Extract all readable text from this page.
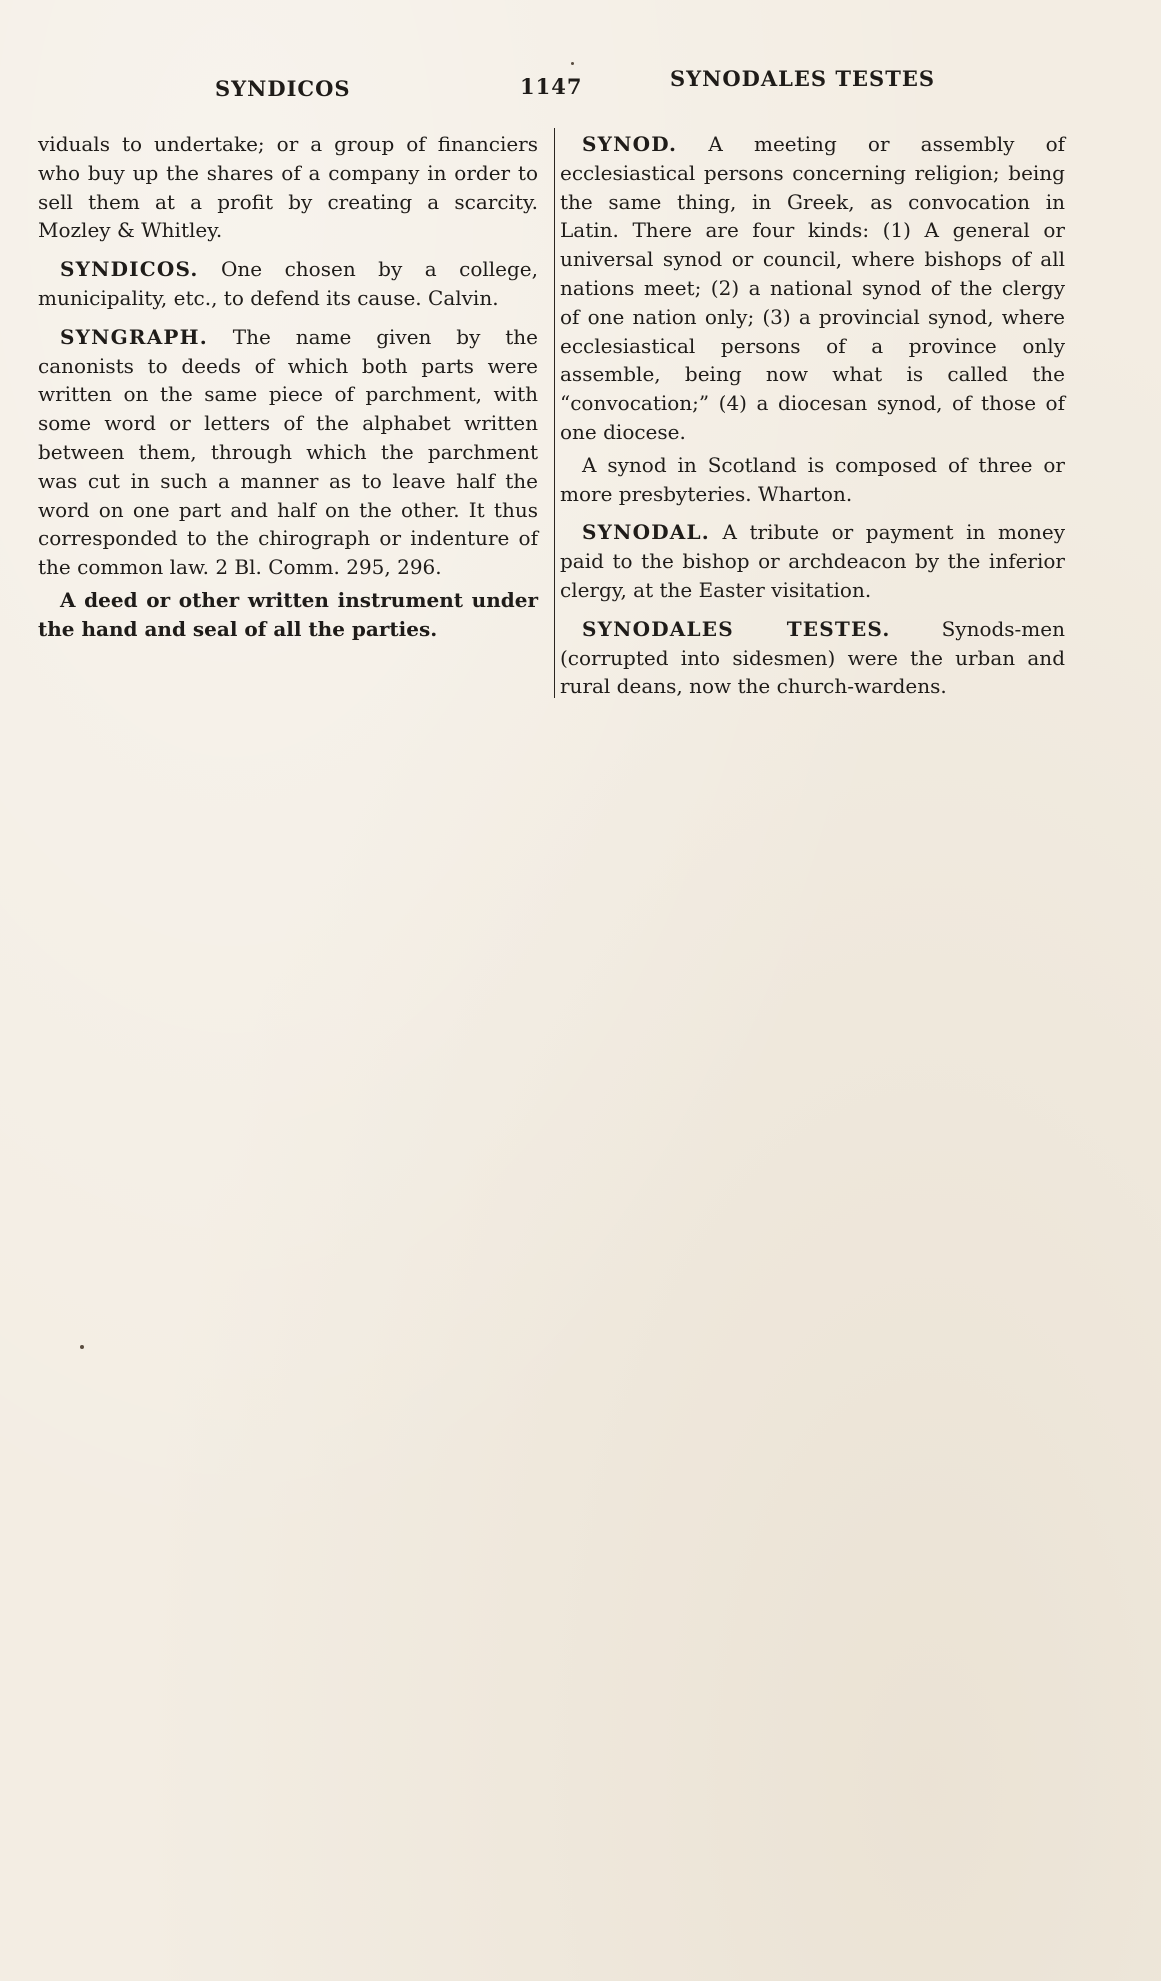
SYNDICOS	1147	SYNODALES TESTES

viduals to undertake; or a group of financiers who buy up the shares of a company in order to sell them at a profit by creating a scarcity. Mozley & Whitley.

SYNDICOS. One chosen by a college, municipality, etc., to defend its cause. Calvin.

SYNGRAPH. The name given by the canonists to deeds of which both parts were written on the same piece of parchment, with some word or letters of the alphabet written between them, through which the parchment was cut in such a manner as to leave half the word on one part and half on the other. It thus corresponded to the chirograph or indenture of the common law. 2 Bl. Comm. 295, 296.

A deed or other written instrument under the hand and seal of all the parties.

SYNOD. A meeting or assembly of ecclesiastical persons concerning religion; being the same thing, in Greek, as convocation in Latin. There are four kinds: (1) A general or universal synod or council, where bishops of all nations meet; (2) a national synod of the clergy of one nation only; (3) a provincial synod, where ecclesiastical persons of a province only assemble, being now what is called the “convocation;” (4) a diocesan synod, of those of one diocese.

A synod in Scotland is composed of three or more presbyteries. Wharton.

SYNODAL. A tribute or payment in money paid to the bishop or archdeacon by the inferior clergy, at the Easter visitation.

SYNODALES TESTES.	Synods-men (corrupted into sidesmen) were the urban and rural deans, now the church-wardens.
